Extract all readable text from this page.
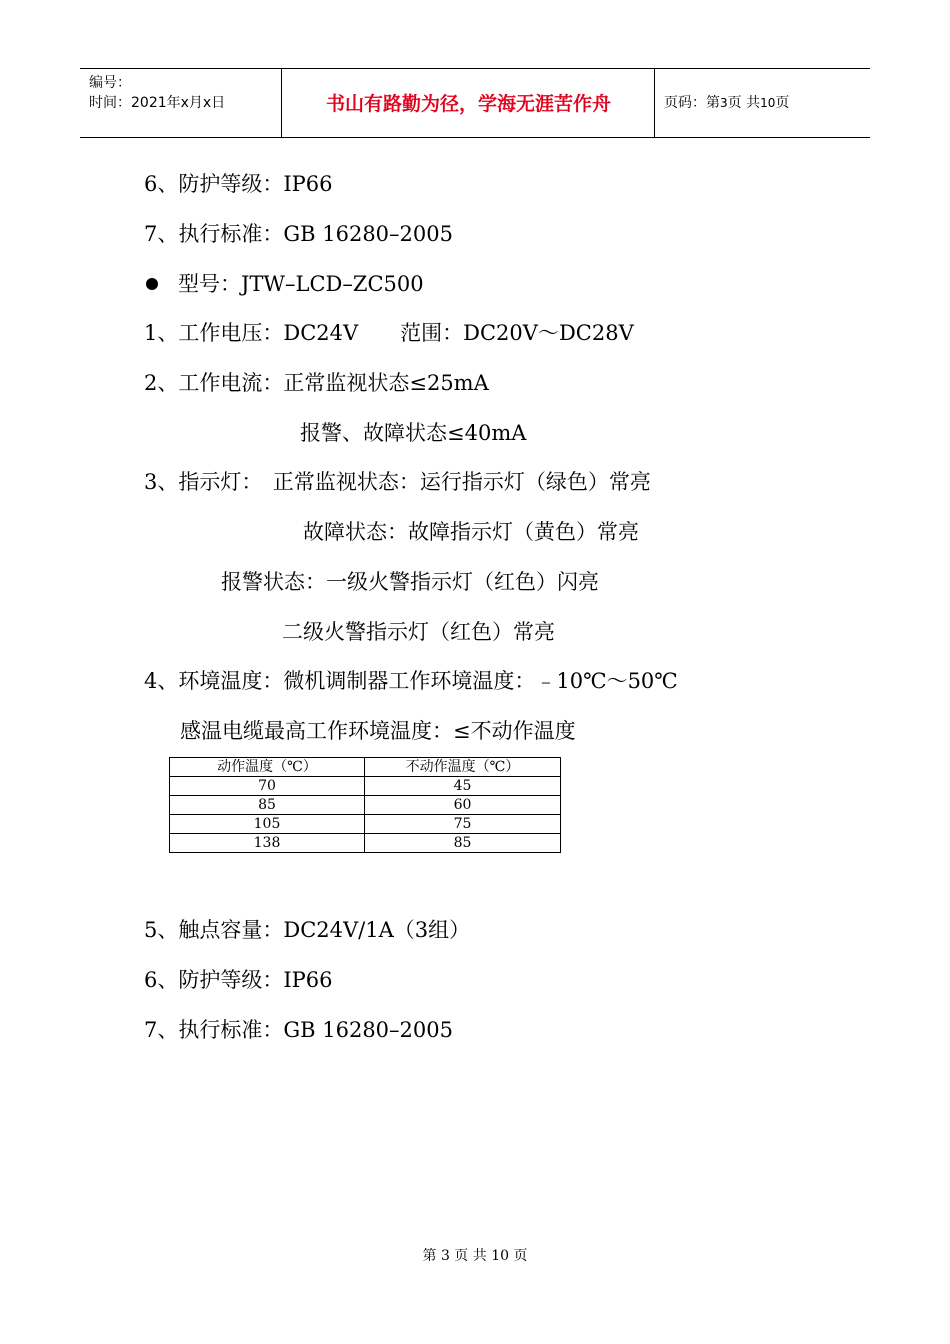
编号：
时间：2021年x月x日	书山有路勤为径，学海无涯苦作舟	页码：第3页 共10页
6、防护等级：IP66
7、执行标准：GB 16280–2005
型号：JTW–LCD–ZC500
1、工作电压：DC24V　　范围：DC20V～DC28V
2、工作电流：正常监视状态≤25mA
报警、故障状态≤40mA
3、指示灯：　正常监视状态：运行指示灯（绿色）常亮
故障状态：故障指示灯（黄色）常亮
报警状态：一级火警指示灯（红色）闪亮
二级火警指示灯（红色）常亮
4、环境温度：微机调制器工作环境温度：﹣10℃～50℃
感温电缆最高工作环境温度：≤不动作温度
动作温度（℃）	不动作温度（℃）
70	45
85	60
105	75
138	85
5、触点容量：DC24V/1A（3组）
6、防护等级：IP66
7、执行标准：GB 16280–2005
第 3 页 共 10 页
